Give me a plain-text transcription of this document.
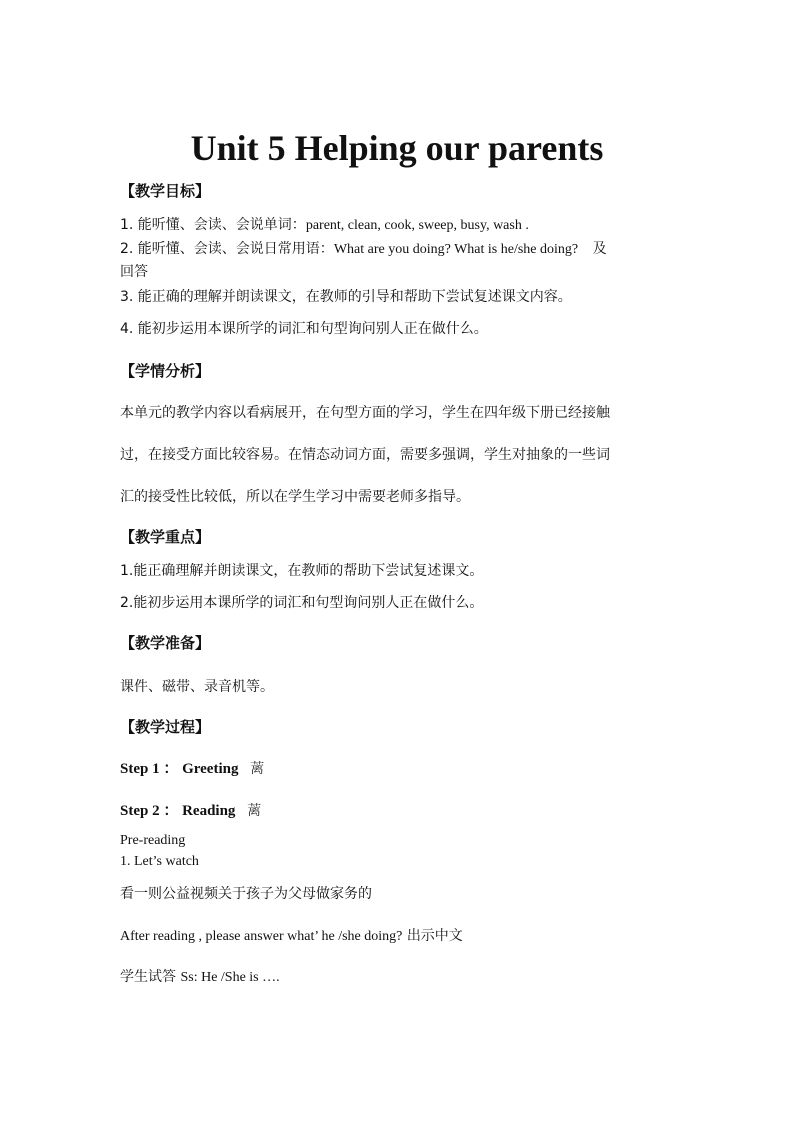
Unit 5 Helping our parents
【教学目标】
1. 能听懂、会读、会说单词：parent, clean, cook, sweep, busy, wash .
2. 能听懂、会读、会说日常用语：What are you doing? What is he/she doing? 及
回答
3. 能正确的理解并朗读课文，在教师的引导和帮助下尝试复述课文内容。
4. 能初步运用本课所学的词汇和句型询问别人正在做什么。
【学情分析】
本单元的教学内容以看病展开，在句型方面的学习，学生在四年级下册已经接触
过，在接受方面比较容易。在情态动词方面，需要多强调，学生对抽象的一些词
汇的接受性比较低，所以在学生学习中需要老师多指导。
【教学重点】
1.能正确理解并朗读课文，在教师的帮助下尝试复述课文。
2.能初步运用本课所学的词汇和句型询问别人正在做什么。
【教学准备】
课件、磁带、录音机等。
【教学过程】
Step 1 ： Greeting 蓠
Step 2 ： Reading 蓠
Pre-reading
1. Let’s watch
看一则公益视频关于孩子为父母做家务的
After reading , please answer what’ he /she doing? 出示中文
学生试答 Ss: He /She is ….
